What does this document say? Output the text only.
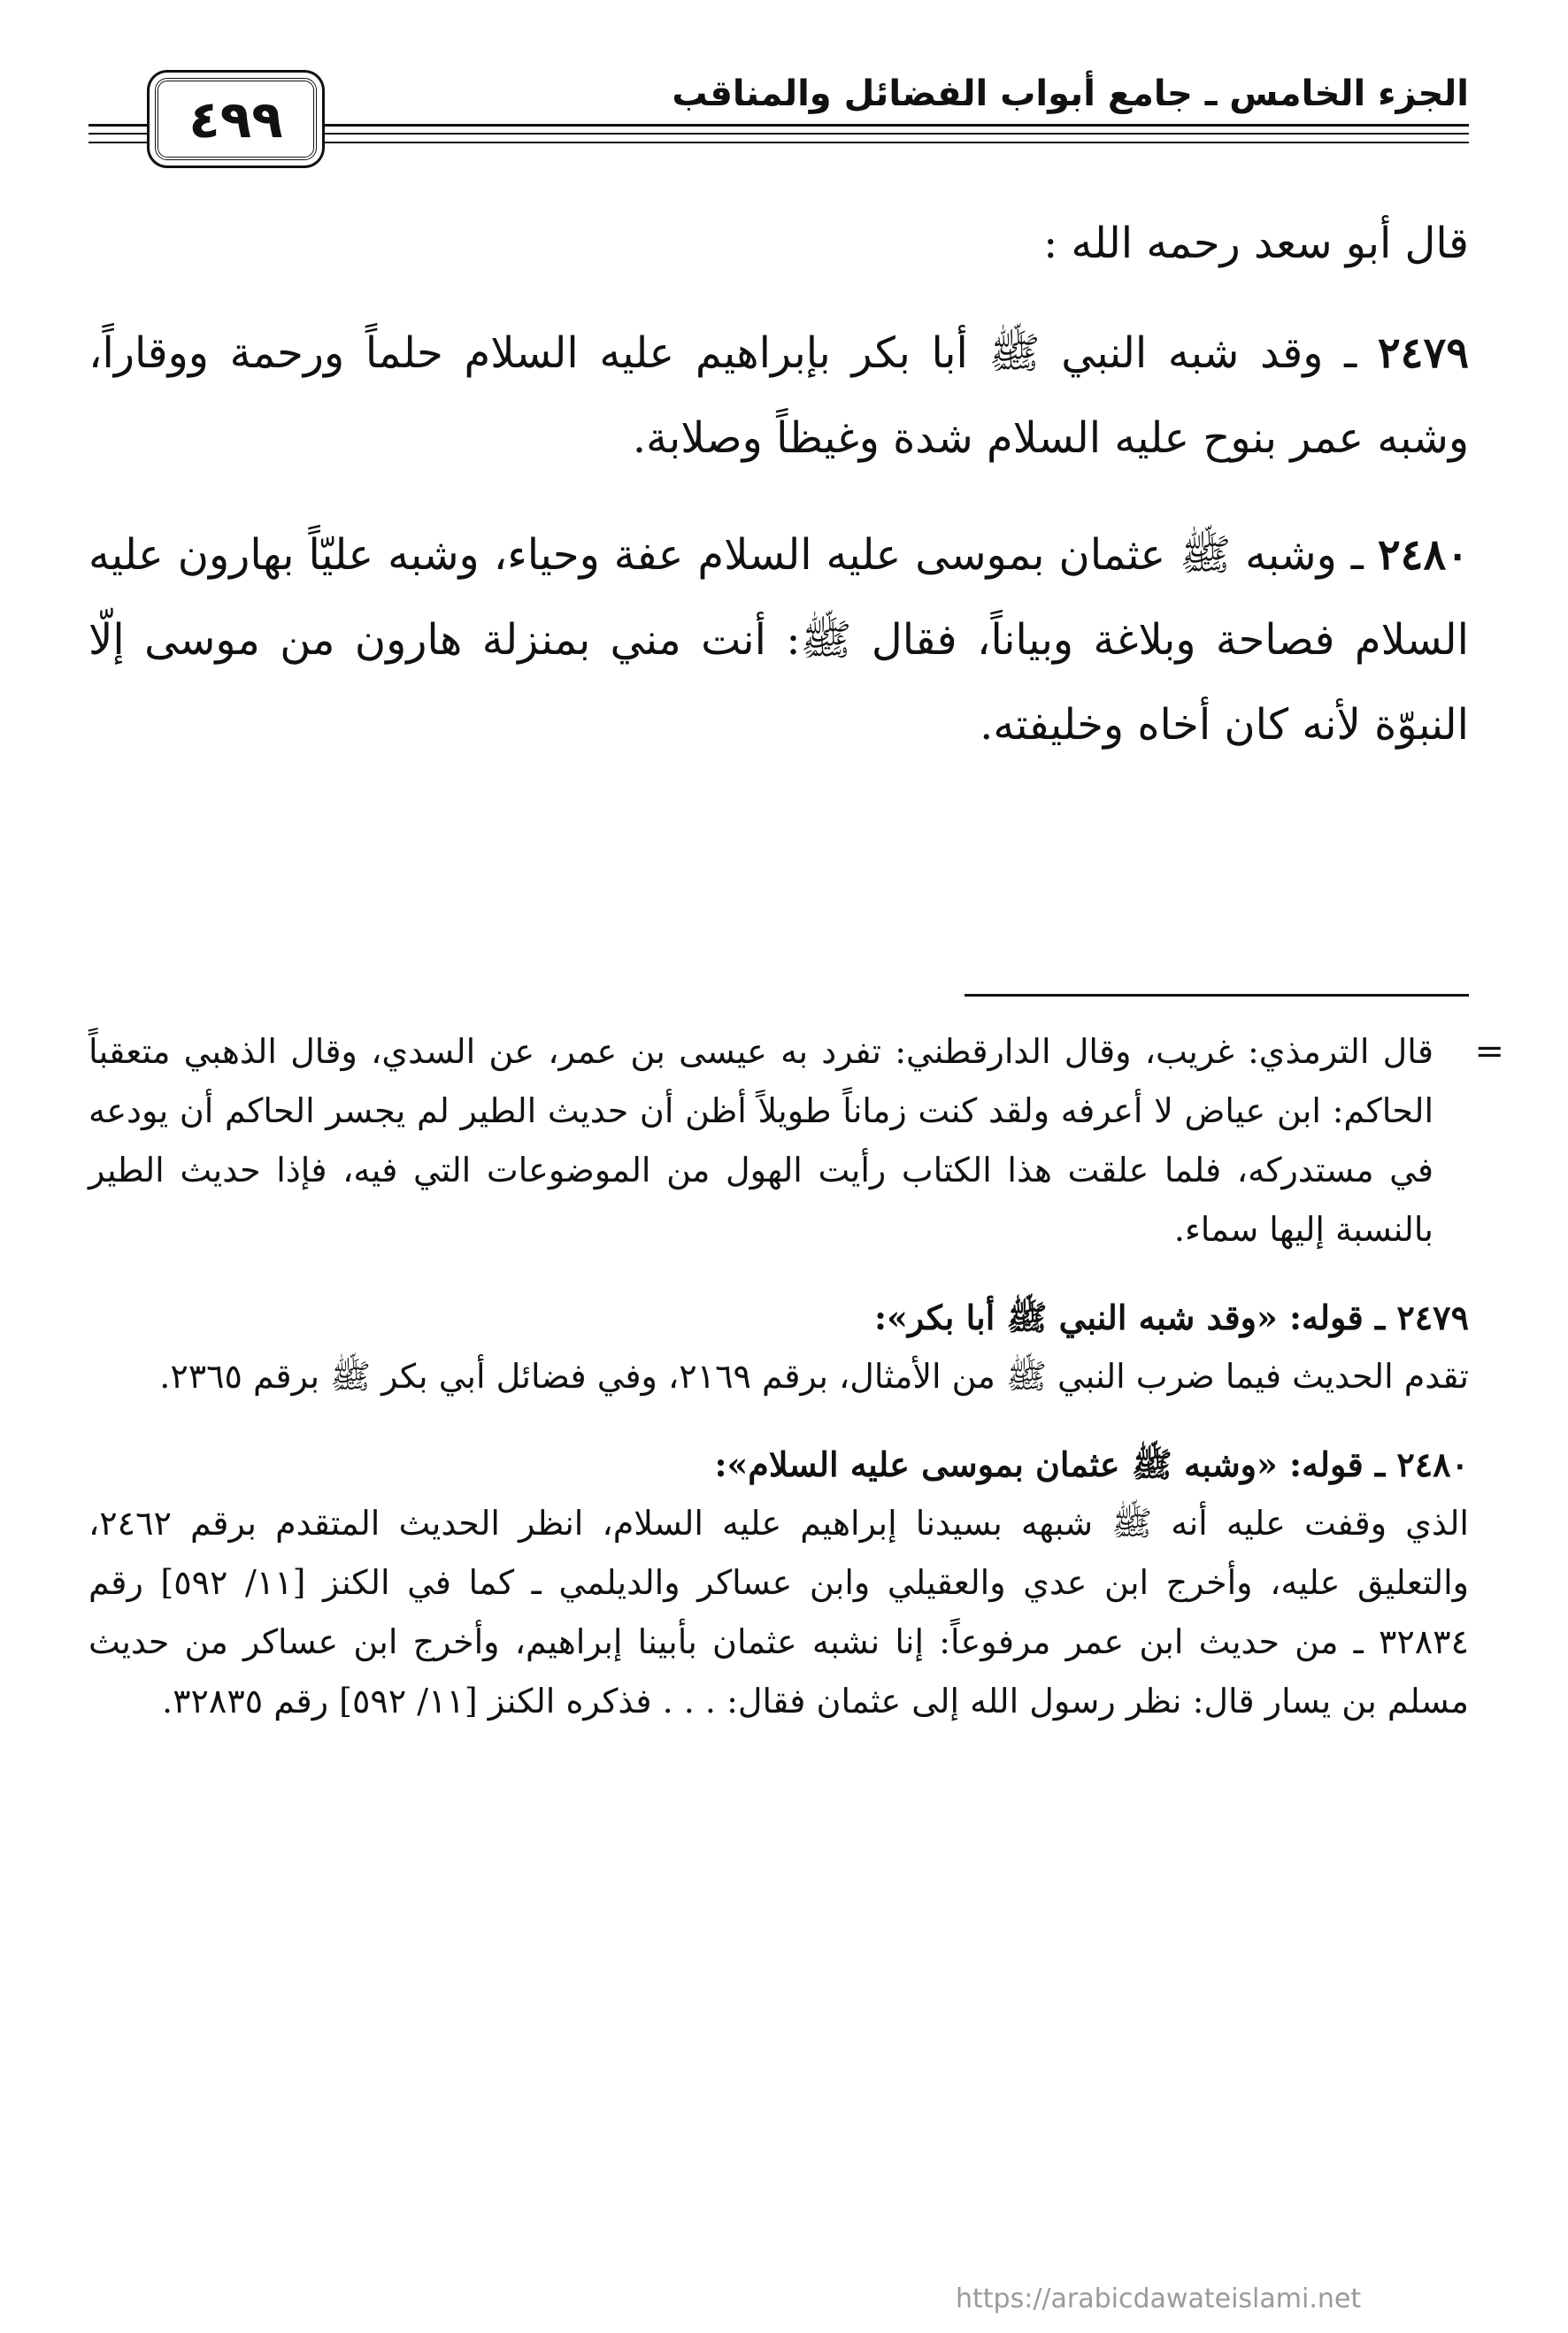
٤٩٩	الجزء الخامس ـ جامع أبواب الفضائل والمناقب

قال أبو سعد رحمه الله :

٢٤٧٩ ـ وقد شبه النبي ﷺ أبا بكر بإبراهيم عليه السلام حلماً ورحمة ووقاراً، وشبه عمر بنوح عليه السلام شدة وغيظاً وصلابة.

٢٤٨٠ ـ وشبه ﷺ عثمان بموسى عليه السلام عفة وحياء، وشبه عليّاً بهارون عليه السلام فصاحة وبلاغة وبياناً، فقال ﷺ: أنت مني بمنزلة هارون من موسى إلّا النبوّة لأنه كان أخاه وخليفته.

=
قال الترمذي: غريب، وقال الدارقطني: تفرد به عيسى بن عمر، عن السدي، وقال الذهبي متعقباً الحاكم: ابن عياض لا أعرفه ولقد كنت زماناً طويلاً أظن أن حديث الطير لم يجسر الحاكم أن يودعه في مستدركه، فلما علقت هذا الكتاب رأيت الهول من الموضوعات التي فيه، فإذا حديث الطير بالنسبة إليها سماء.
٢٤٧٩ ـ قوله: «وقد شبه النبي ﷺ أبا بكر»:
تقدم الحديث فيما ضرب النبي ﷺ من الأمثال، برقم ٢١٦٩، وفي فضائل أبي بكر ﷺ برقم ٢٣٦٥.
٢٤٨٠ ـ قوله: «وشبه ﷺ عثمان بموسى عليه السلام»:
الذي وقفت عليه أنه ﷺ شبهه بسيدنا إبراهيم عليه السلام، انظر الحديث المتقدم برقم ٢٤٦٢، والتعليق عليه، وأخرج ابن عدي والعقيلي وابن عساكر والديلمي ـ كما في الكنز [١١/ ٥٩٢] رقم ٣٢٨٣٤ ـ من حديث ابن عمر مرفوعاً: إنا نشبه عثمان بأبينا إبراهيم، وأخرج ابن عساكر من حديث مسلم بن يسار قال: نظر رسول الله إلى عثمان فقال: . . . فذكره الكنز [١١/ ٥٩٢] رقم ٣٢٨٣٥.
https://arabicdawateislami.net
